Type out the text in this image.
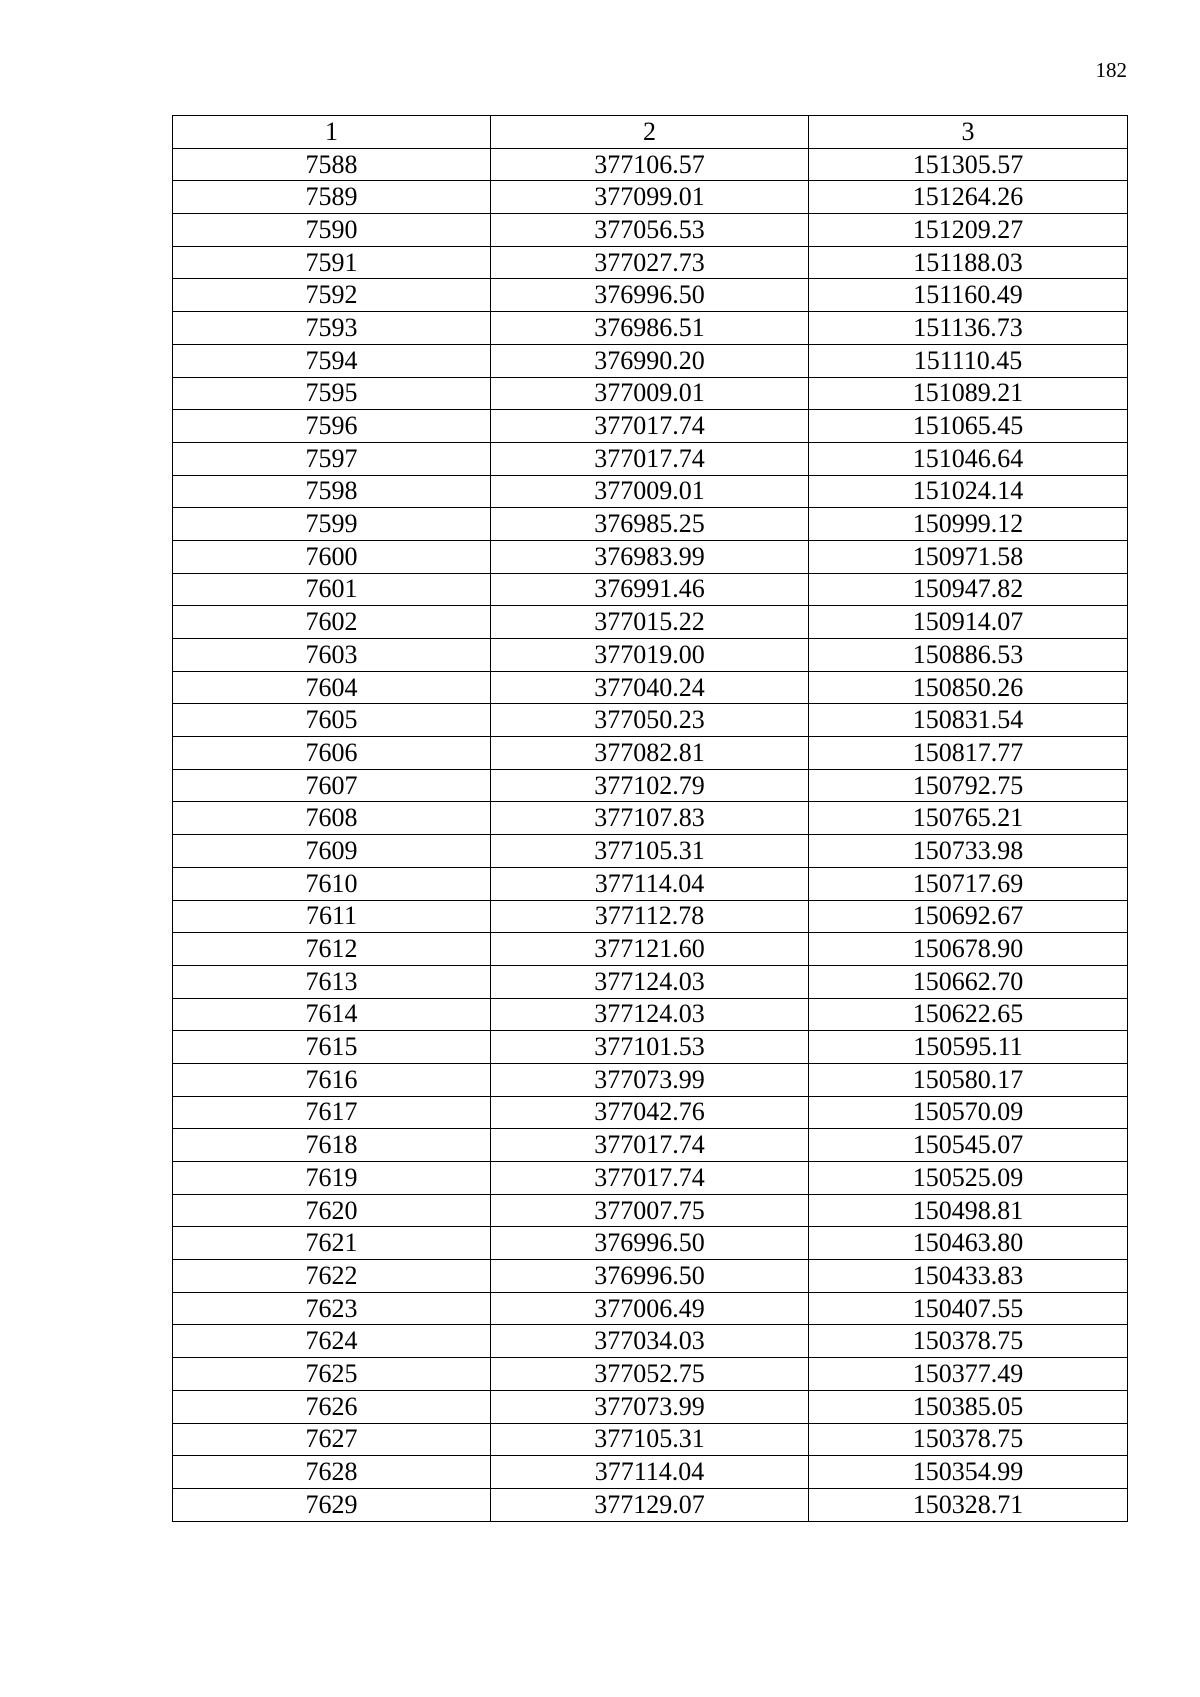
182
1	2	3
7588	377106.57	151305.57
7589	377099.01	151264.26
7590	377056.53	151209.27
7591	377027.73	151188.03
7592	376996.50	151160.49
7593	376986.51	151136.73
7594	376990.20	151110.45
7595	377009.01	151089.21
7596	377017.74	151065.45
7597	377017.74	151046.64
7598	377009.01	151024.14
7599	376985.25	150999.12
7600	376983.99	150971.58
7601	376991.46	150947.82
7602	377015.22	150914.07
7603	377019.00	150886.53
7604	377040.24	150850.26
7605	377050.23	150831.54
7606	377082.81	150817.77
7607	377102.79	150792.75
7608	377107.83	150765.21
7609	377105.31	150733.98
7610	377114.04	150717.69
7611	377112.78	150692.67
7612	377121.60	150678.90
7613	377124.03	150662.70
7614	377124.03	150622.65
7615	377101.53	150595.11
7616	377073.99	150580.17
7617	377042.76	150570.09
7618	377017.74	150545.07
7619	377017.74	150525.09
7620	377007.75	150498.81
7621	376996.50	150463.80
7622	376996.50	150433.83
7623	377006.49	150407.55
7624	377034.03	150378.75
7625	377052.75	150377.49
7626	377073.99	150385.05
7627	377105.31	150378.75
7628	377114.04	150354.99
7629	377129.07	150328.71
